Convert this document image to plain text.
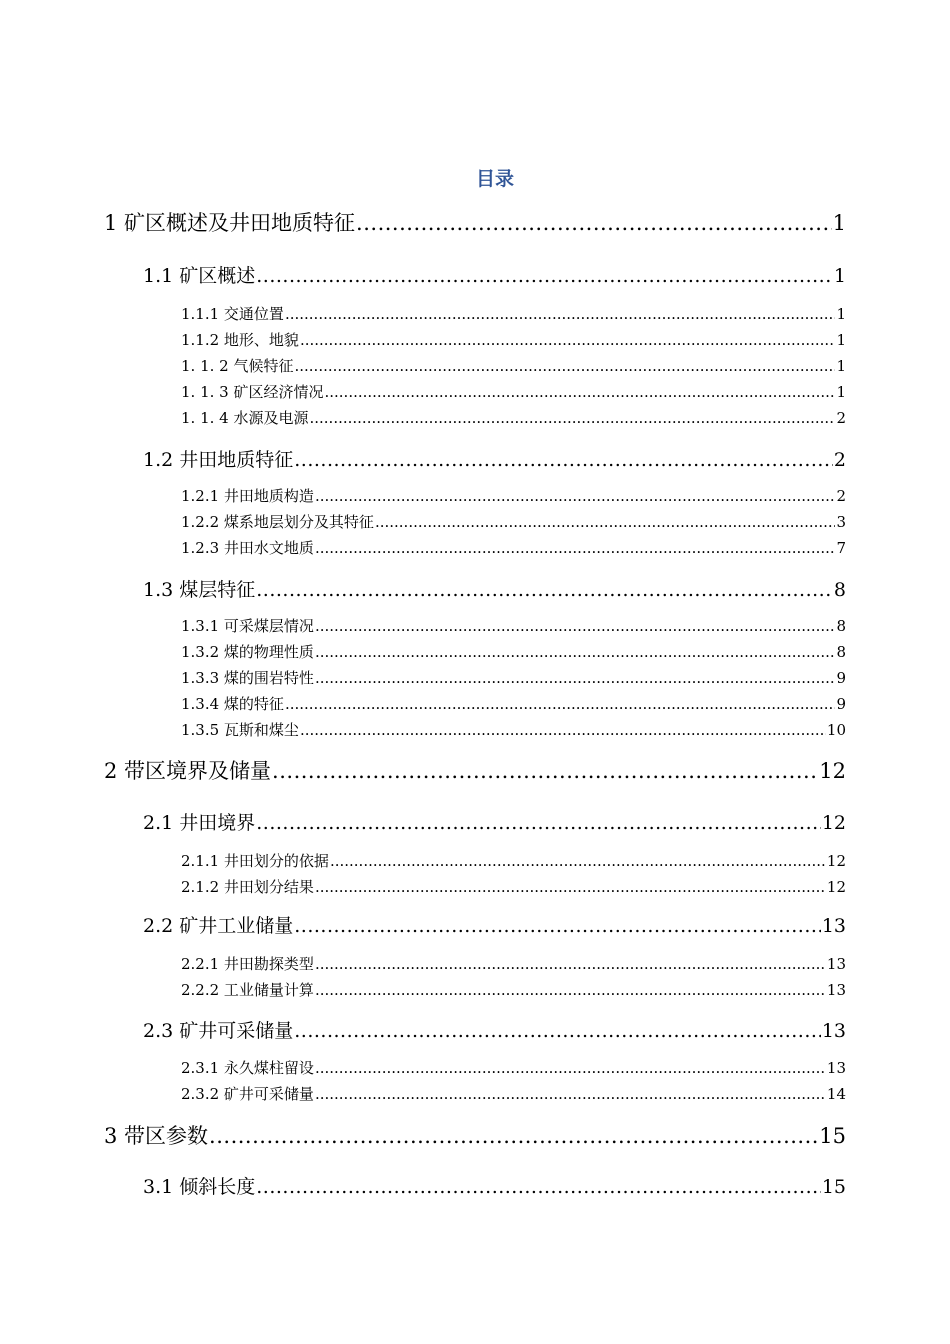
目录
1 矿区概述及井田地质特征 .....	1
1.1 矿区概述 .....	1
1.1.1 交通位置 .....	1
1.1.2 地形、地貌 .....	1
1. 1. 2 气候特征 .....	1
1. 1. 3 矿区经济情况 .....	1
1. 1. 4 水源及电源 .....	2
1.2 井田地质特征 .....	2
1.2.1 井田地质构造 .....	2
1.2.2 煤系地层划分及其特征 .....	3
1.2.3 井田水文地质 .....	7
1.3 煤层特征 .....	8
1.3.1 可采煤层情况 .....	8
1.3.2 煤的物理性质 .....	8
1.3.3 煤的围岩特性 .....	9
1.3.4 煤的特征 .....	9
1.3.5 瓦斯和煤尘 .....	10
2 带区境界及储量 .....	12
2.1 井田境界 .....	12
2.1.1 井田划分的依据 .....	12
2.1.2 井田划分结果 .....	12
2.2 矿井工业储量 .....	13
2.2.1 井田勘探类型 .....	13
2.2.2 工业储量计算 .....	13
2.3 矿井可采储量 .....	13
2.3.1 永久煤柱留设 .....	13
2.3.2 矿井可采储量 .....	14
3 带区参数 .....	15
3.1 倾斜长度 .....	15
